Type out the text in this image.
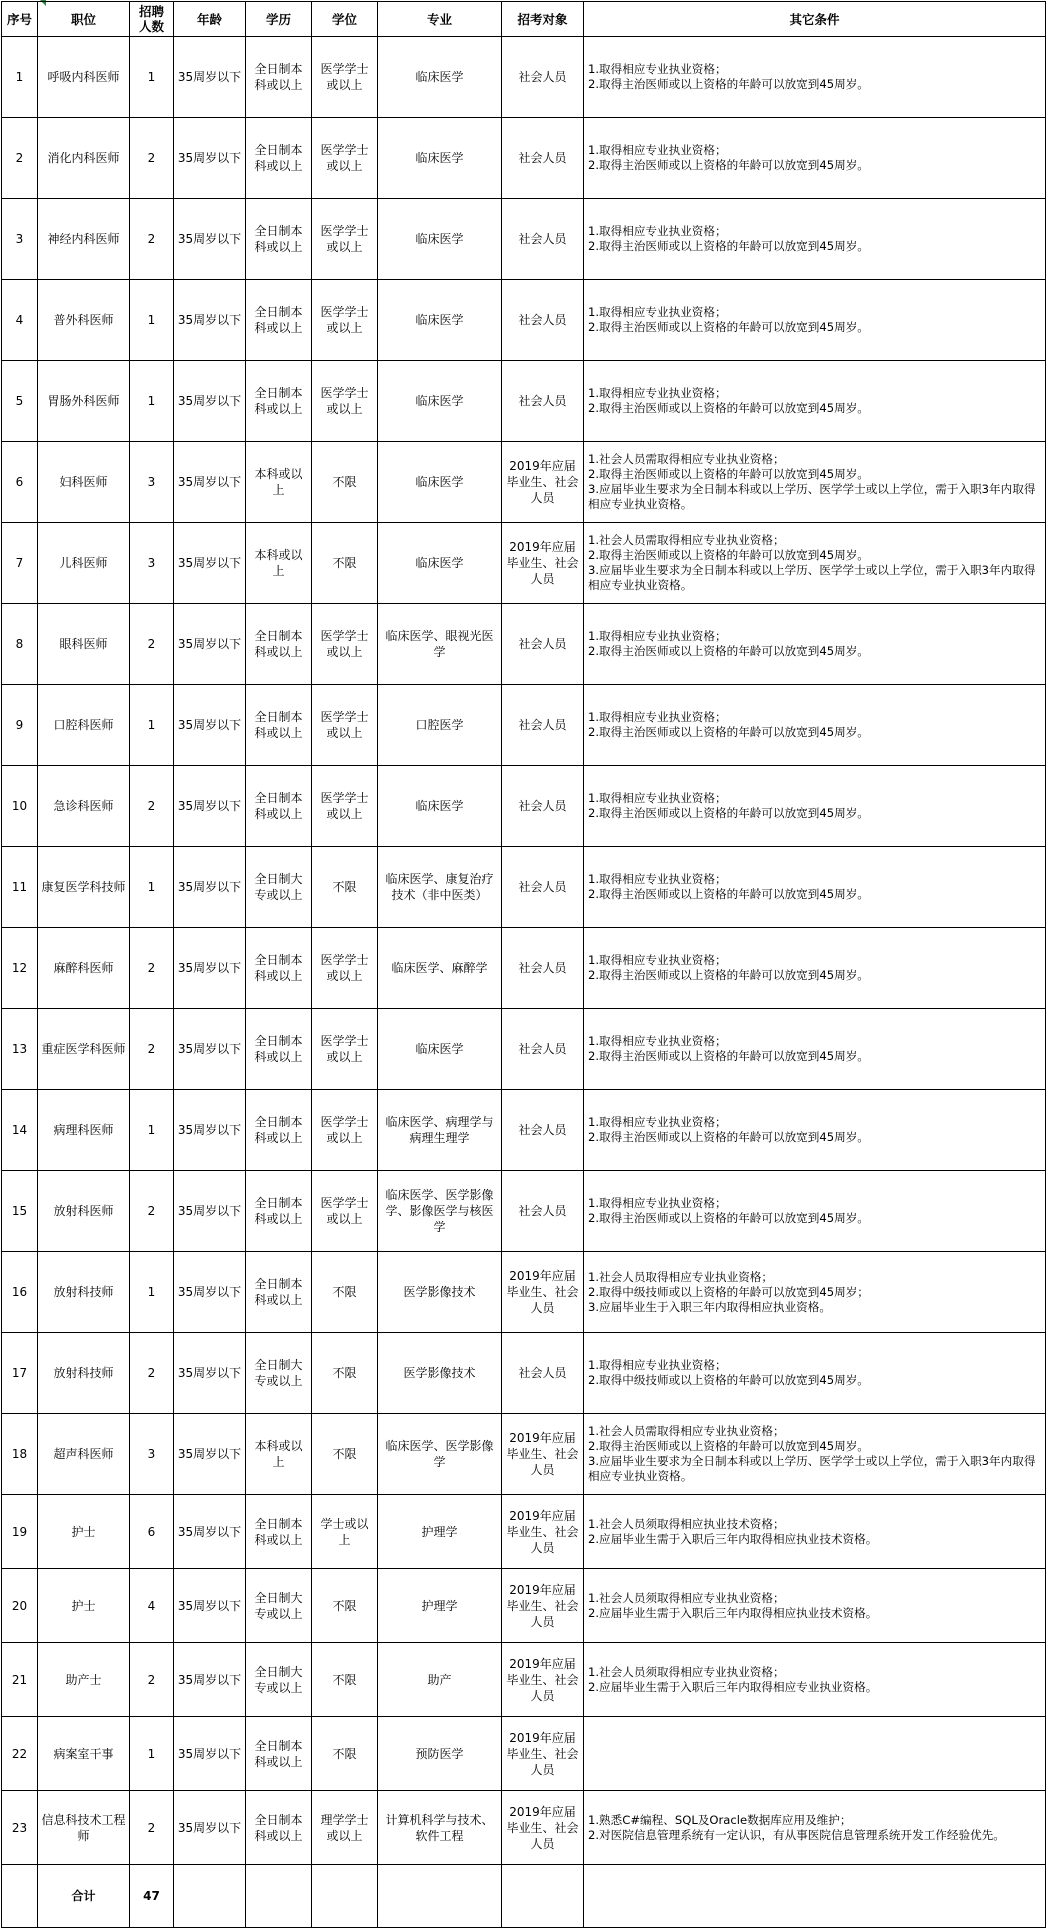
序号	职位	招聘人数	年龄	学历	学位	专业	招考对象	其它条件
1	呼吸内科医师	1	35周岁以下	全日制本科或以上	医学学士或以上	临床医学	社会人员	1.取得相应专业执业资格；
2.取得主治医师或以上资格的年龄可以放宽到45周岁。

2	消化内科医师	2	35周岁以下	全日制本科或以上	医学学士或以上	临床医学	社会人员	1.取得相应专业执业资格；
2.取得主治医师或以上资格的年龄可以放宽到45周岁。

3	神经内科医师	2	35周岁以下	全日制本科或以上	医学学士或以上	临床医学	社会人员	1.取得相应专业执业资格；
2.取得主治医师或以上资格的年龄可以放宽到45周岁。

4	普外科医师	1	35周岁以下	全日制本科或以上	医学学士或以上	临床医学	社会人员	1.取得相应专业执业资格；
2.取得主治医师或以上资格的年龄可以放宽到45周岁。

5	胃肠外科医师	1	35周岁以下	全日制本科或以上	医学学士或以上	临床医学	社会人员	1.取得相应专业执业资格；
2.取得主治医师或以上资格的年龄可以放宽到45周岁。

6	妇科医师	3	35周岁以下	本科或以上	不限	临床医学	2019年应届毕业生、社会人员	1.社会人员需取得相应专业执业资格；
2.取得主治医师或以上资格的年龄可以放宽到45周岁。
3.应届毕业生要求为全日制本科或以上学历、医学学士或以上学位，需于入职3年内取得相应专业执业资格。

7	儿科医师	3	35周岁以下	本科或以上	不限	临床医学	2019年应届毕业生、社会人员	1.社会人员需取得相应专业执业资格；
2.取得主治医师或以上资格的年龄可以放宽到45周岁。
3.应届毕业生要求为全日制本科或以上学历、医学学士或以上学位，需于入职3年内取得相应专业执业资格。

8	眼科医师	2	35周岁以下	全日制本科或以上	医学学士或以上	临床医学、眼视光医学	社会人员	1.取得相应专业执业资格；
2.取得主治医师或以上资格的年龄可以放宽到45周岁。

9	口腔科医师	1	35周岁以下	全日制本科或以上	医学学士或以上	口腔医学	社会人员	1.取得相应专业执业资格；
2.取得主治医师或以上资格的年龄可以放宽到45周岁。

10	急诊科医师	2	35周岁以下	全日制本科或以上	医学学士或以上	临床医学	社会人员	1.取得相应专业执业资格；
2.取得主治医师或以上资格的年龄可以放宽到45周岁。

11	康复医学科技师	1	35周岁以下	全日制大专或以上	不限	临床医学、康复治疗技术（非中医类）	社会人员	1.取得相应专业执业资格；
2.取得主治医师或以上资格的年龄可以放宽到45周岁。

12	麻醉科医师	2	35周岁以下	全日制本科或以上	医学学士或以上	临床医学、麻醉学	社会人员	1.取得相应专业执业资格；
2.取得主治医师或以上资格的年龄可以放宽到45周岁。

13	重症医学科医师	2	35周岁以下	全日制本科或以上	医学学士或以上	临床医学	社会人员	1.取得相应专业执业资格；
2.取得主治医师或以上资格的年龄可以放宽到45周岁。

14	病理科医师	1	35周岁以下	全日制本科或以上	医学学士或以上	临床医学、病理学与病理生理学	社会人员	1.取得相应专业执业资格；
2.取得主治医师或以上资格的年龄可以放宽到45周岁。

15	放射科医师	2	35周岁以下	全日制本科或以上	医学学士或以上	临床医学、医学影像学、影像医学与核医学	社会人员	1.取得相应专业执业资格；
2.取得主治医师或以上资格的年龄可以放宽到45周岁。

16	放射科技师	1	35周岁以下	全日制本科或以上	不限	医学影像技术	2019年应届毕业生、社会人员	1.社会人员取得相应专业执业资格；
2.取得中级技师或以上资格的年龄可以放宽到45周岁；
3.应届毕业生于入职三年内取得相应执业资格。

17	放射科技师	2	35周岁以下	全日制大专或以上	不限	医学影像技术	社会人员	1.取得相应专业执业资格；
2.取得中级技师或以上资格的年龄可以放宽到45周岁。

18	超声科医师	3	35周岁以下	本科或以上	不限	临床医学、医学影像学	2019年应届毕业生、社会人员	1.社会人员需取得相应专业执业资格；
2.取得主治医师或以上资格的年龄可以放宽到45周岁。
3.应届毕业生要求为全日制本科或以上学历、医学学士或以上学位，需于入职3年内取得相应专业执业资格。

19	护士	6	35周岁以下	全日制本科或以上	学士或以上	护理学	2019年应届毕业生、社会人员	1.社会人员须取得相应执业技术资格；
2.应届毕业生需于入职后三年内取得相应执业技术资格。

20	护士	4	35周岁以下	全日制大专或以上	不限	护理学	2019年应届毕业生、社会人员	1.社会人员须取得相应专业执业资格；
2.应届毕业生需于入职后三年内取得相应执业技术资格。

21	助产士	2	35周岁以下	全日制大专或以上	不限	助产	2019年应届毕业生、社会人员	1.社会人员须取得相应专业执业资格；
2.应届毕业生需于入职后三年内取得相应专业执业资格。

22	病案室干事	1	35周岁以下	全日制本科或以上	不限	预防医学	2019年应届毕业生、社会人员	
23	信息科技术工程师	2	35周岁以下	全日制本科或以上	理学学士或以上	计算机科学与技术、软件工程	2019年应届毕业生、社会人员	1.熟悉C#编程、SQL及Oracle数据库应用及维护；
2.对医院信息管理系统有一定认识，有从事医院信息管理系统开发工作经验优先。

	合计	47						
